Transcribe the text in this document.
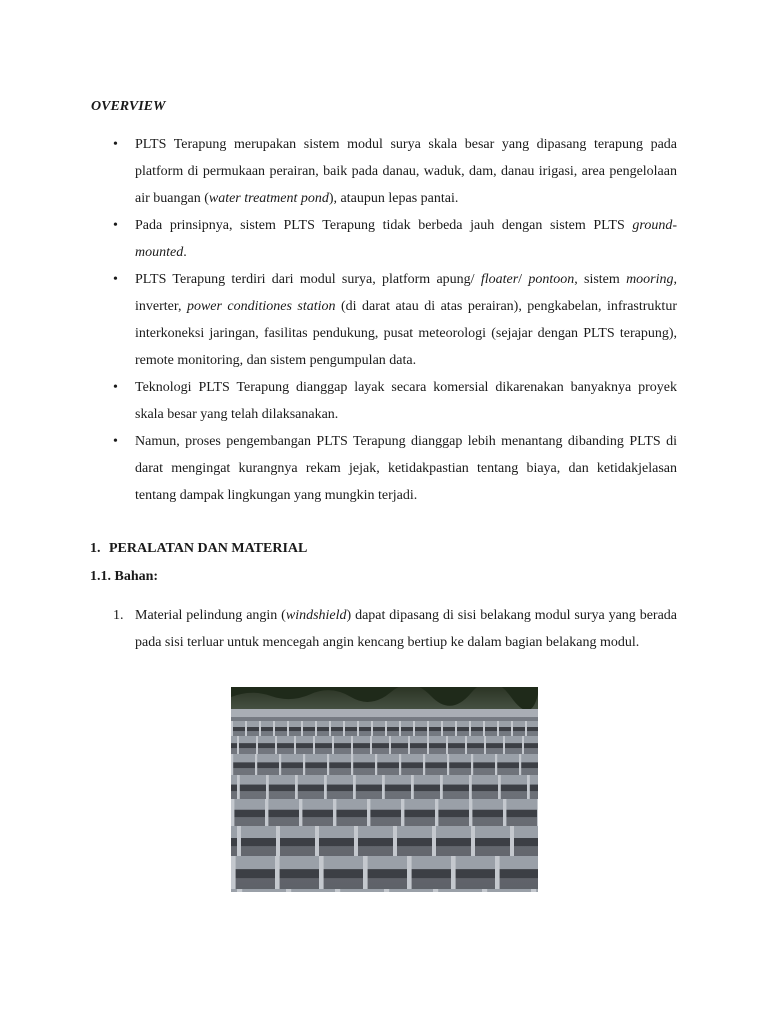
OVERVIEW
• PLTS Terapung merupakan sistem modul surya skala besar yang dipasang terapung pada platform di permukaan perairan, baik pada danau, waduk, dam, danau irigasi, area pengelolaan air buangan (water treatment pond), ataupun lepas pantai.
• Pada prinsipnya, sistem PLTS Terapung tidak berbeda jauh dengan sistem PLTS ground-mounted.
• PLTS Terapung terdiri dari modul surya, platform apung/ floater/ pontoon, sistem mooring, inverter, power conditiones station (di darat atau di atas perairan), pengkabelan, infrastruktur interkoneksi jaringan, fasilitas pendukung, pusat meteorologi (sejajar dengan PLTS terapung), remote monitoring, dan sistem pengumpulan data.
• Teknologi PLTS Terapung dianggap layak secara komersial dikarenakan banyaknya proyek skala besar yang telah dilaksanakan.
• Namun, proses pengembangan PLTS Terapung dianggap lebih menantang dibanding PLTS di darat mengingat kurangnya rekam jejak, ketidakpastian tentang biaya, dan ketidakjelasan tentang dampak lingkungan yang mungkin terjadi.
1. PERALATAN DAN MATERIAL
1.1. Bahan:
1. Material pelindung angin (windshield) dapat dipasang di sisi belakang modul surya yang berada pada sisi terluar untuk mencegah angin kencang bertiup ke dalam bagian belakang modul.
